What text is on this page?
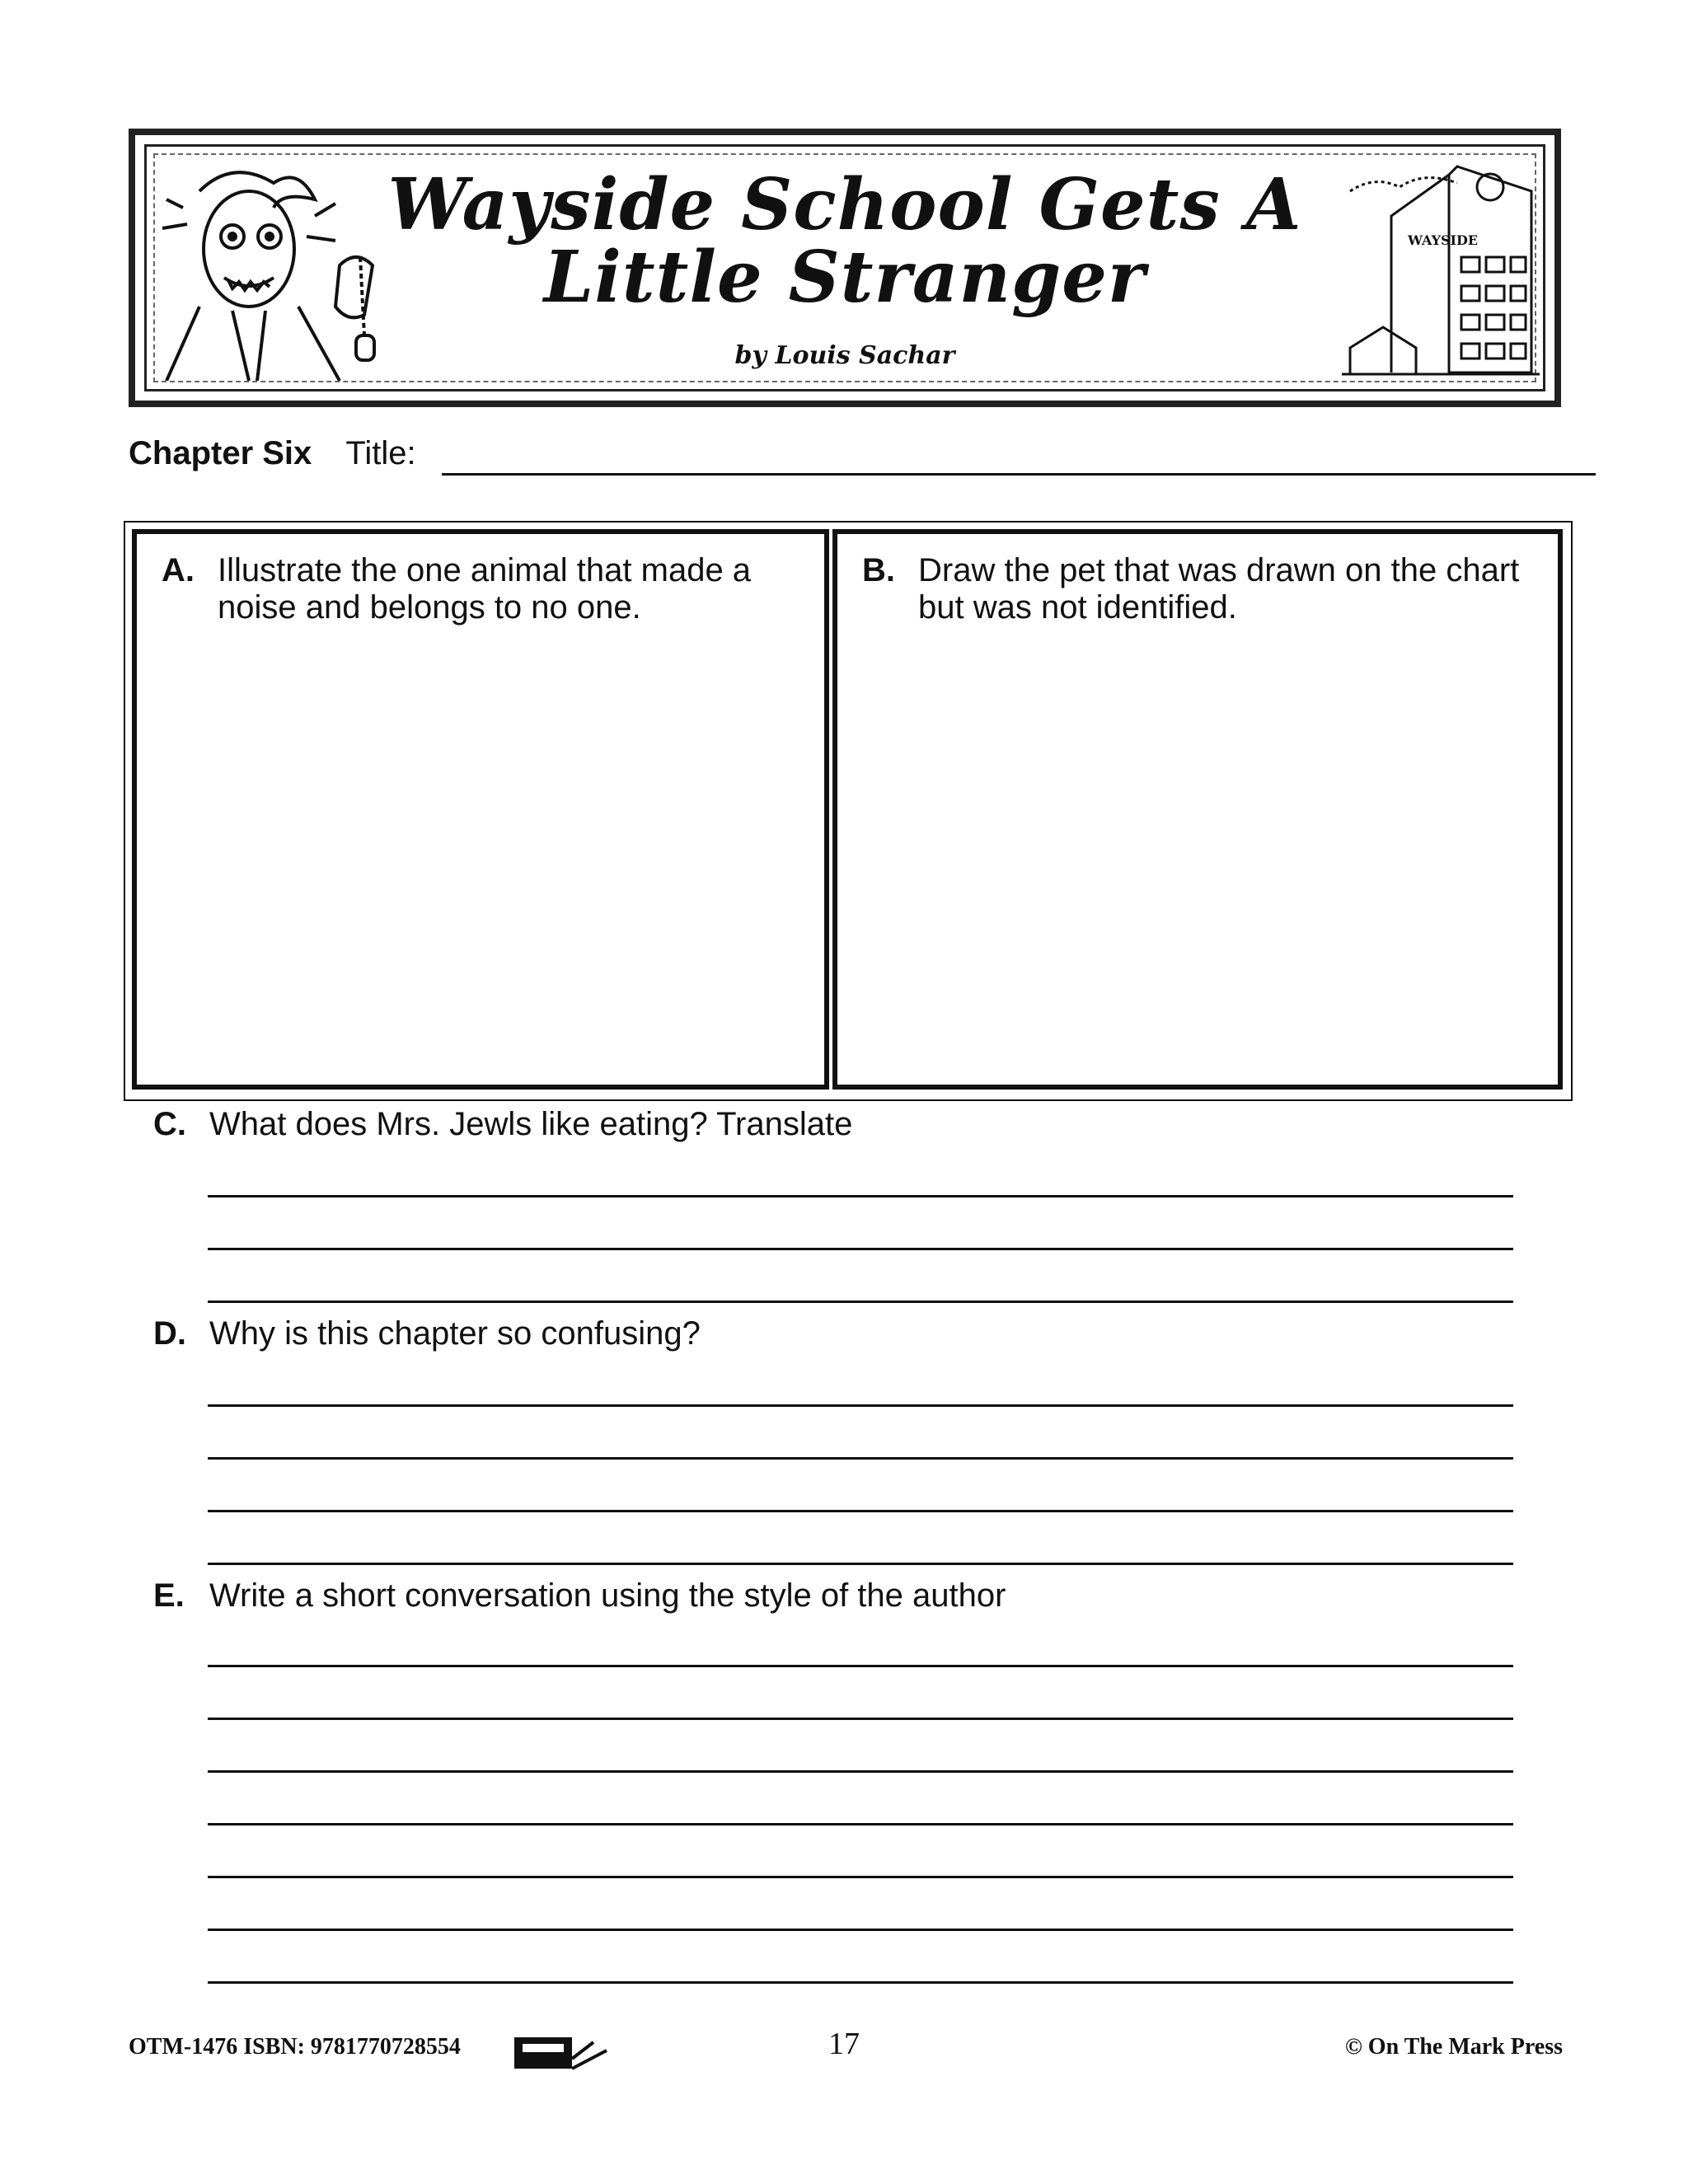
Wayside School Gets A
Little Stranger
by Louis Sachar
WAYSIDE
Chapter Six Title:
A. Illustrate the one animal that made a noise and belongs to no one.
B. Draw the pet that was drawn on the chart but was not identified.
C. What does Mrs. Jewls like eating? Translate
D. Why is this chapter so confusing?
E. Write a short conversation using the style of the author
OTM-1476 ISBN: 9781770728554	17	© On The Mark Press
